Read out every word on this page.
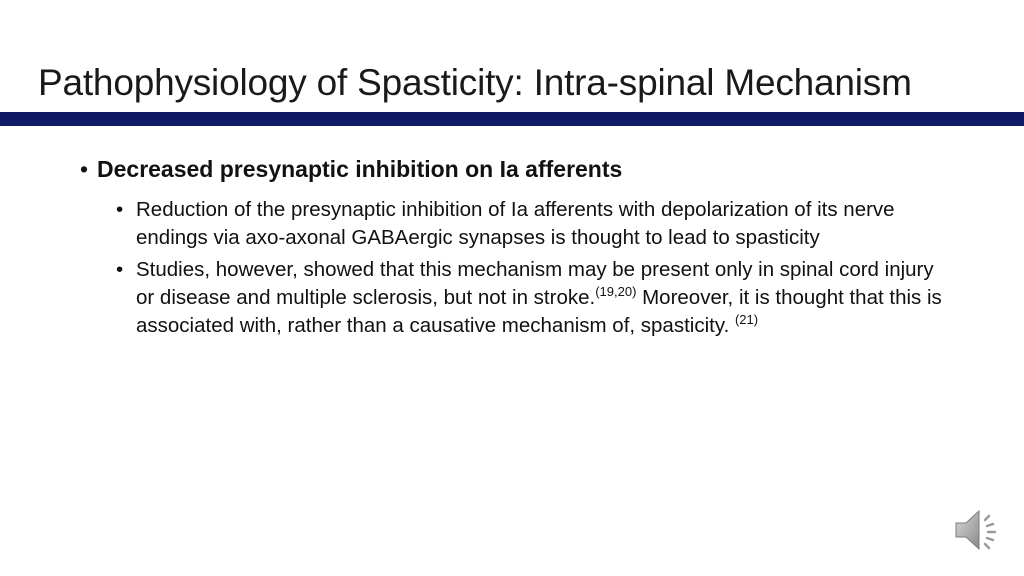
Pathophysiology of Spasticity: Intra-spinal Mechanism
• Decreased presynaptic inhibition on Ia afferents
• Reduction of the presynaptic inhibition of Ia afferents with depolarization of its nerve endings via axo-axonal GABAergic synapses is thought to lead to spasticity
• Studies, however, showed that this mechanism may be present only in spinal cord injury or disease and multiple sclerosis, but not in stroke.$^{(19,20)}$ Moreover, it is thought that this is associated with, rather than a causative mechanism of, spasticity. $^{(21)}$
